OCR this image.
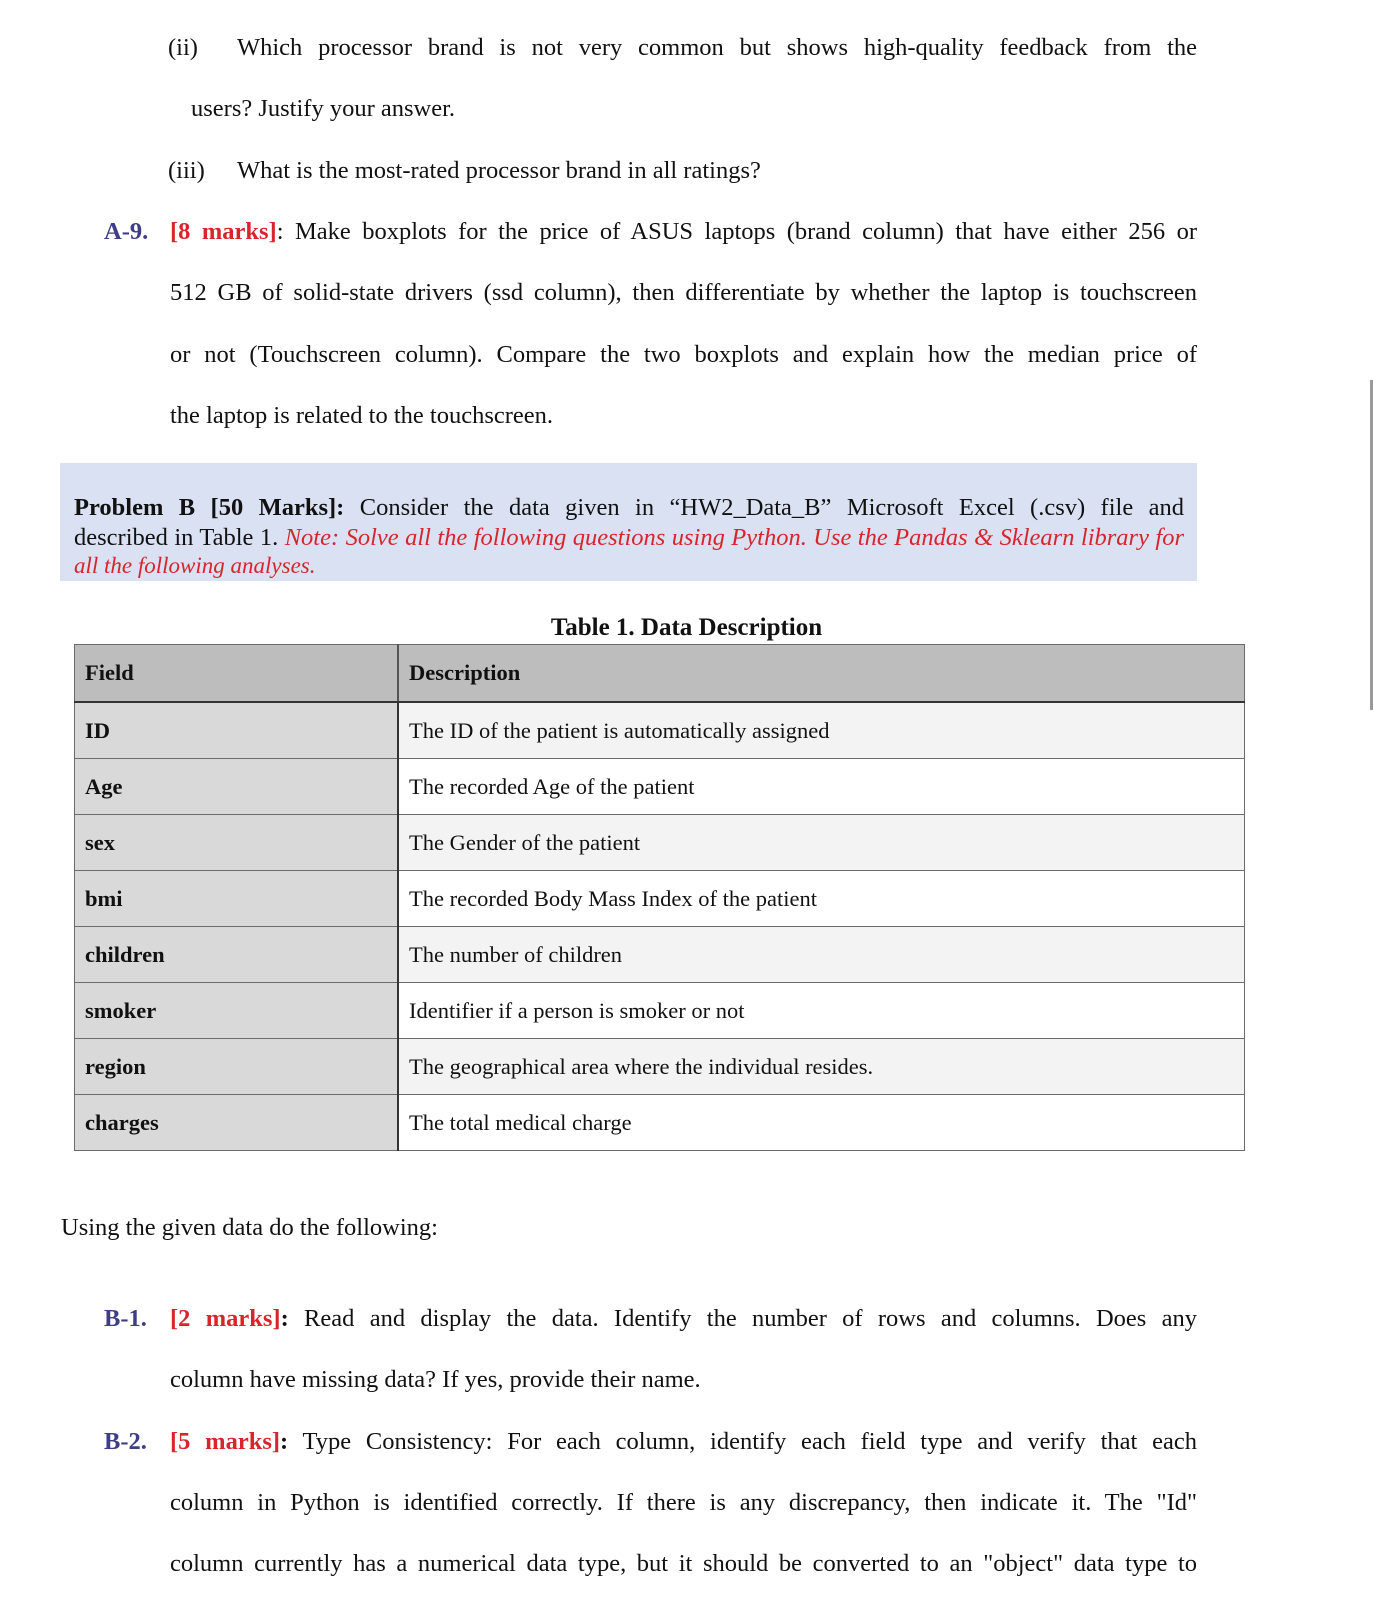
(ii) Which processor brand is not very common but shows high-quality feedback from the
users? Justify your answer.
(iii) What is the most-rated processor brand in all ratings?
A-9. [8 marks]: Make boxplots for the price of ASUS laptops (brand column) that have either 256 or
512 GB of solid-state drivers (ssd column), then differentiate by whether the laptop is touchscreen
or not (Touchscreen column). Compare the two boxplots and explain how the median price of
the laptop is related to the touchscreen.
Problem B [50 Marks]: Consider the data given in “HW2_Data_B” Microsoft Excel (.csv) file and
described in Table 1. Note: Solve all the following questions using Python. Use the Pandas & Sklearn library for
all the following analyses.
Table 1. Data Description
Field	Description
ID	The ID of the patient is automatically assigned
Age	The recorded Age of the patient
sex	The Gender of the patient
bmi	The recorded Body Mass Index of the patient
children	The number of children
smoker	Identifier if a person is smoker or not
region	The geographical area where the individual resides.
charges	The total medical charge
Using the given data do the following:
B-1. [2 marks]: Read and display the data. Identify the number of rows and columns. Does any
column have missing data? If yes, provide their name.
B-2. [5 marks]: Type Consistency: For each column, identify each field type and verify that each
column in Python is identified correctly. If there is any discrepancy, then indicate it. The "Id"
column currently has a numerical data type, but it should be converted to an "object" data type to
